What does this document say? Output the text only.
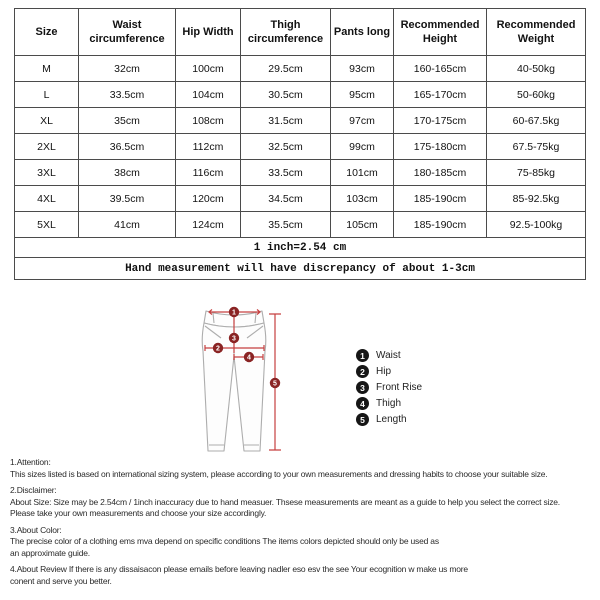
Size	Waist circumference	Hip Width	Thigh circumference	Pants long	Recommended Height	Recommended Weight
M	32cm	100cm	29.5cm	93cm	160-165cm	40-50kg
L	33.5cm	104cm	30.5cm	95cm	165-170cm	50-60kg
XL	35cm	108cm	31.5cm	97cm	170-175cm	60-67.5kg
2XL	36.5cm	112cm	32.5cm	99cm	175-180cm	67.5-75kg
3XL	38cm	116cm	33.5cm	101cm	180-185cm	75-85kg
4XL	39.5cm	120cm	34.5cm	103cm	185-190cm	85-92.5kg
5XL	41cm	124cm	35.5cm	105cm	185-190cm	92.5-100kg
1 inch=2.54 cm						
Hand measurement will have discrepancy of about 1-3cm						
1
2
3
4
5
1	Waist
2	Hip
3	Front Rise
4	Thigh
5	Length
1.Attention:
This sizes listed is based on international sizing system, please according to your own measurements and dressing habits to choose your suitable size.
2.Disclaimer:
About Size: Size may be 2.54cm / 1inch inaccuracy due to hand measuer. Thsese measurements are meant as a guide to help you select the correct size.
Please take your own measurements and choose your size accordingly.
3.About Color:
The precise color of a clothing ems mva depend on specific conditions The items colors depicted should only be used as
an approximate guide.
4.About Review If there is any dissaisacon please emails before leaving nadler eso esv the see Your ecognition w make us more
conent and serve you better.
